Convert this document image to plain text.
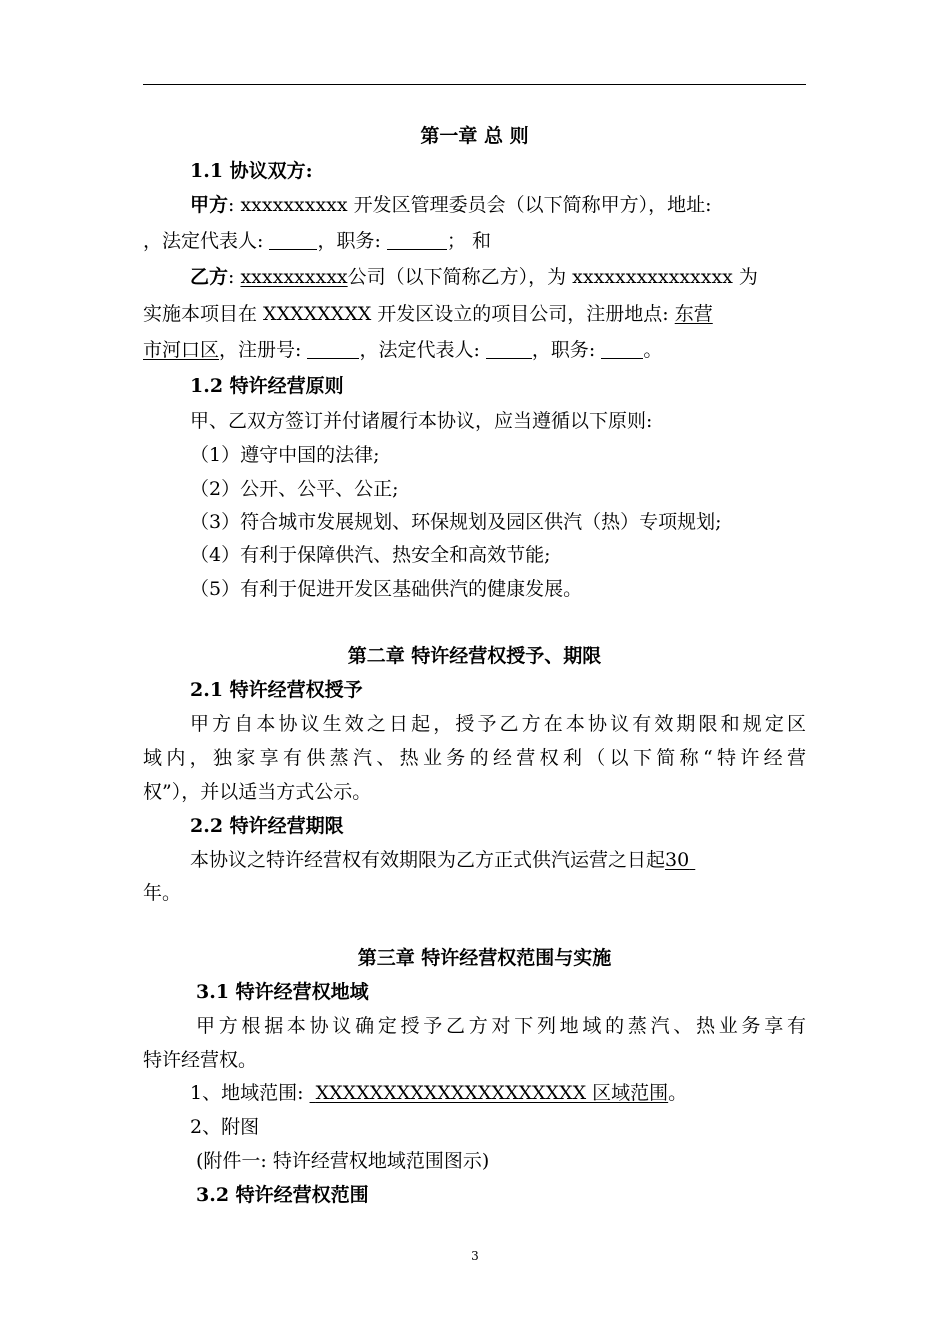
第一章 总 则
1.1 协议双方:
甲方: xxxxxxxxxx 开发区管理委员会（以下简称甲方），地址:
，法定代表人:	，职务:	； 和
乙方: xxxxxxxxxx公司（以下简称乙方），为 xxxxxxxxxxxxxxx 为
实施本项目在 XXXXXXXX 开发区设立的项目公司，注册地点: 东营
市河口区，注册号:	，法定代表人: ，职务: 。
1.2 特许经营原则
甲、乙双方签订并付诸履行本协议，应当遵循以下原则:
（1）遵守中国的法律;
（2）公开、公平、公正;
（3）符合城市发展规划、环保规划及园区供汽（热）专项规划;
（4）有利于保障供汽、热安全和高效节能;
（5）有利于促进开发区基础供汽的健康发展。
第二章 特许经营权授予、期限
2.1 特许经营权授予
甲方自本协议生效之日起，授予乙方在本协议有效期限和规定区
域内，独家享有供蒸汽、热业务的经营权利（以下简称“特许经营
权”），并以适当方式公示。
2.2 特许经营期限
本协议之特许经营权有效期限为乙方正式供汽运营之日起30
年。
第三章 特许经营权范围与实施
3.1 特许经营权地域
甲方根据本协议确定授予乙方对下列地域的蒸汽、热业务享有
特许经营权。
1、地域范围:  XXXXXXXXXXXXXXXXXXXX 区域范围。
2、附图
(附件一: 特许经营权地域范围图示)
3.2 特许经营权范围
3
